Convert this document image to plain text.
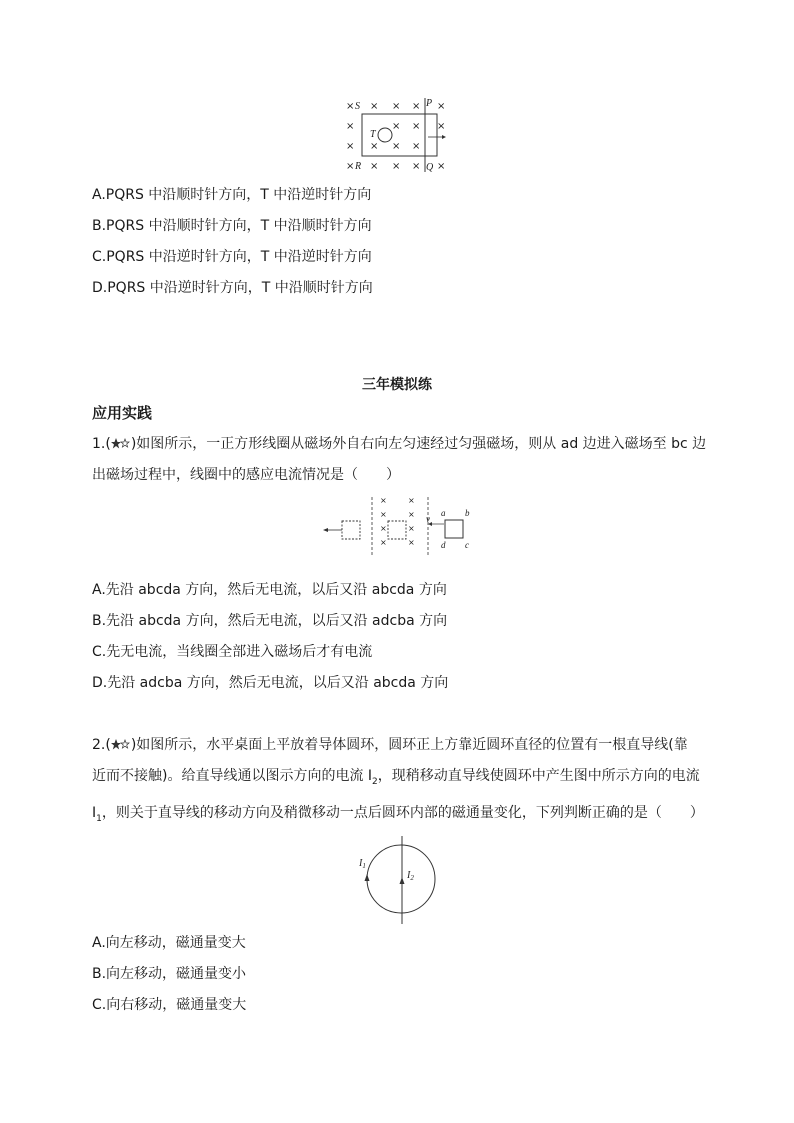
× × × × ×
×	× × ×
× × × ×
× × × × ×
S	P
R	Q
T
A.PQRS 中沿顺时针方向，T 中沿逆时针方向
B.PQRS 中沿顺时针方向，T 中沿顺时针方向
C.PQRS 中沿逆时针方向，T 中沿逆时针方向
D.PQRS 中沿逆时针方向，T 中沿顺时针方向
三年模拟练
应用实践

1.( )如图所示，一正方形线圈从磁场外自右向左匀速经过匀强磁场，则从 ad 边进入磁场至 bc 边

出磁场过程中，线圈中的感应电流情况是（　　）

×	×
×	×
×	×
×	×
v
a b
c
d
A.先沿 abcda 方向，然后无电流，以后又沿 abcda 方向
B.先沿 abcda 方向，然后无电流，以后又沿 adcba 方向
C.先无电流，当线圈全部进入磁场后才有电流
D.先沿 adcba 方向，然后无电流，以后又沿 abcda 方向

2.( )如图所示，水平桌面上平放着导体圆环，圆环正上方靠近圆环直径的位置有一根直导线(靠

近而不接触)。给直导线通以图示方向的电流 $I_2$，现稍移动直导线使圆环中产生图中所示方向的电流

$I_1$，则关于直导线的移动方向及稍微移动一点后圆环内部的磁通量变化，下列判断正确的是（　　）

$I_1$
$I_2$
A.向左移动，磁通量变大
B.向左移动，磁通量变小
C.向右移动，磁通量变大
